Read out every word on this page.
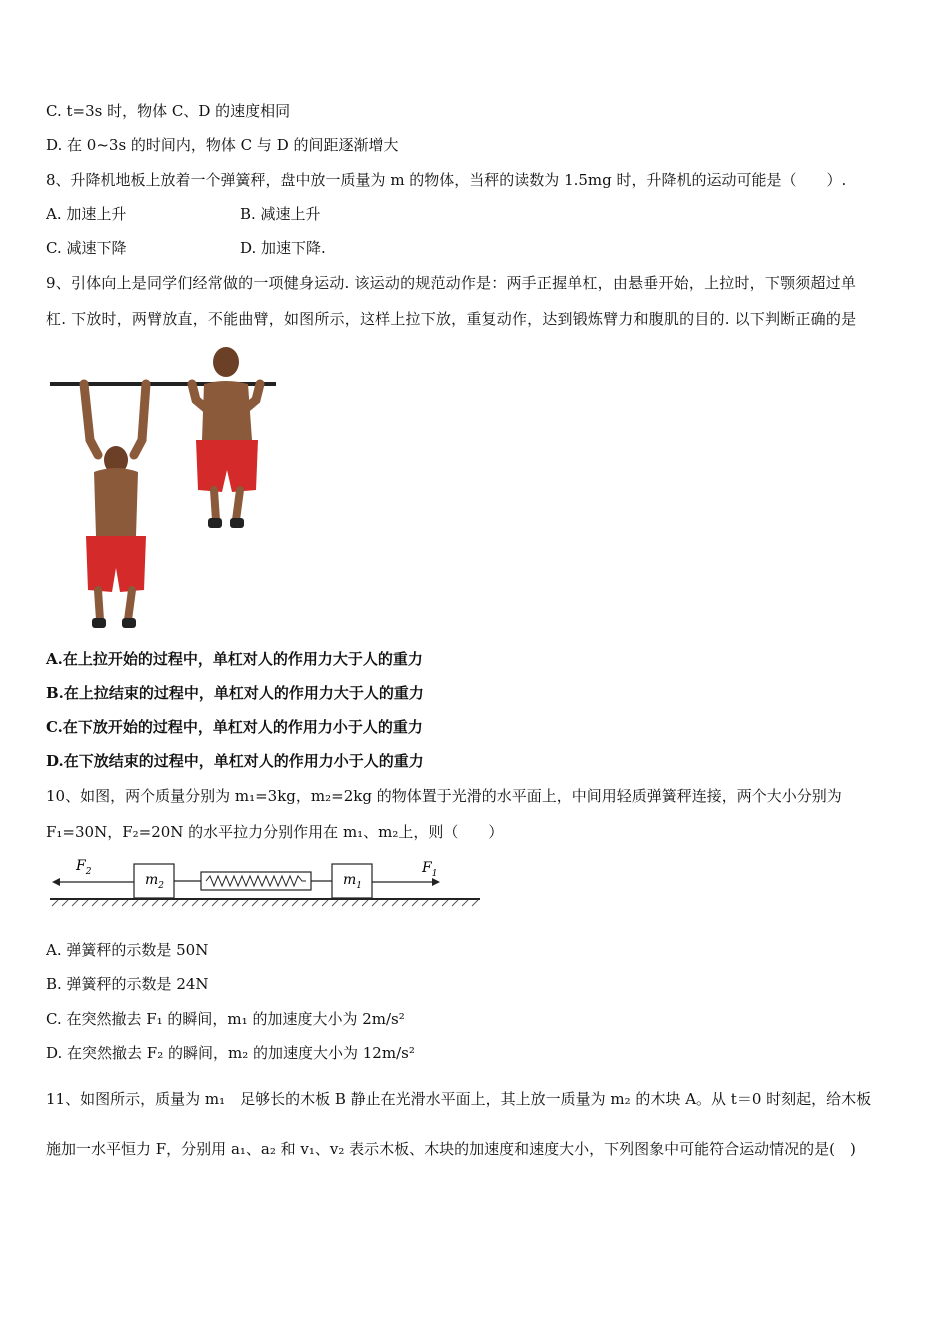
C. t=3s 时，物体 C、D 的速度相同
D. 在 0~3s 的时间内，物体 C 与 D 的间距逐渐增大
8、升降机地板上放着一个弹簧秤，盘中放一质量为 m 的物体，当秤的读数为 1.5mg 时，升降机的运动可能是（　　）.
A. 加速上升	B. 减速上升
C. 减速下降	D. 加速下降.
9、引体向上是同学们经常做的一项健身运动. 该运动的规范动作是：两手正握单杠，由悬垂开始，上拉时，下颚须超过单
杠. 下放时，两臂放直，不能曲臂，如图所示，这样上拉下放，重复动作，达到锻炼臂力和腹肌的目的. 以下判断正确的是
A.在上拉开始的过程中，单杠对人的作用力大于人的重力
B.在上拉结束的过程中，单杠对人的作用力大于人的重力
C.在下放开始的过程中，单杠对人的作用力小于人的重力
D.在下放结束的过程中，单杠对人的作用力小于人的重力
10、如图，两个质量分别为 m₁=3kg，m₂=2kg 的物体置于光滑的水平面上，中间用轻质弹簧秤连接，两个大小分别为
F₁=30N，F₂=20N 的水平拉力分别作用在 m₁、m₂上，则（　　）
$F_2$	$m_2$	$m_1$
$F_1$
A. 弹簧秤的示数是 50N
B. 弹簧秤的示数是 24N
C. 在突然撤去 F₁ 的瞬间，m₁ 的加速度大小为 2m/s²
D. 在突然撤去 F₂ 的瞬间，m₂ 的加速度大小为 12m/s²
11、如图所示，质量为 m₁　足够长的木板 B 静止在光滑水平面上，其上放一质量为 m₂ 的木块 A。从 t＝0 时刻起，给木板
施加一水平恒力 F，分别用 a₁、a₂ 和 v₁、v₂ 表示木板、木块的加速度和速度大小，下列图象中可能符合运动情况的是(　)
